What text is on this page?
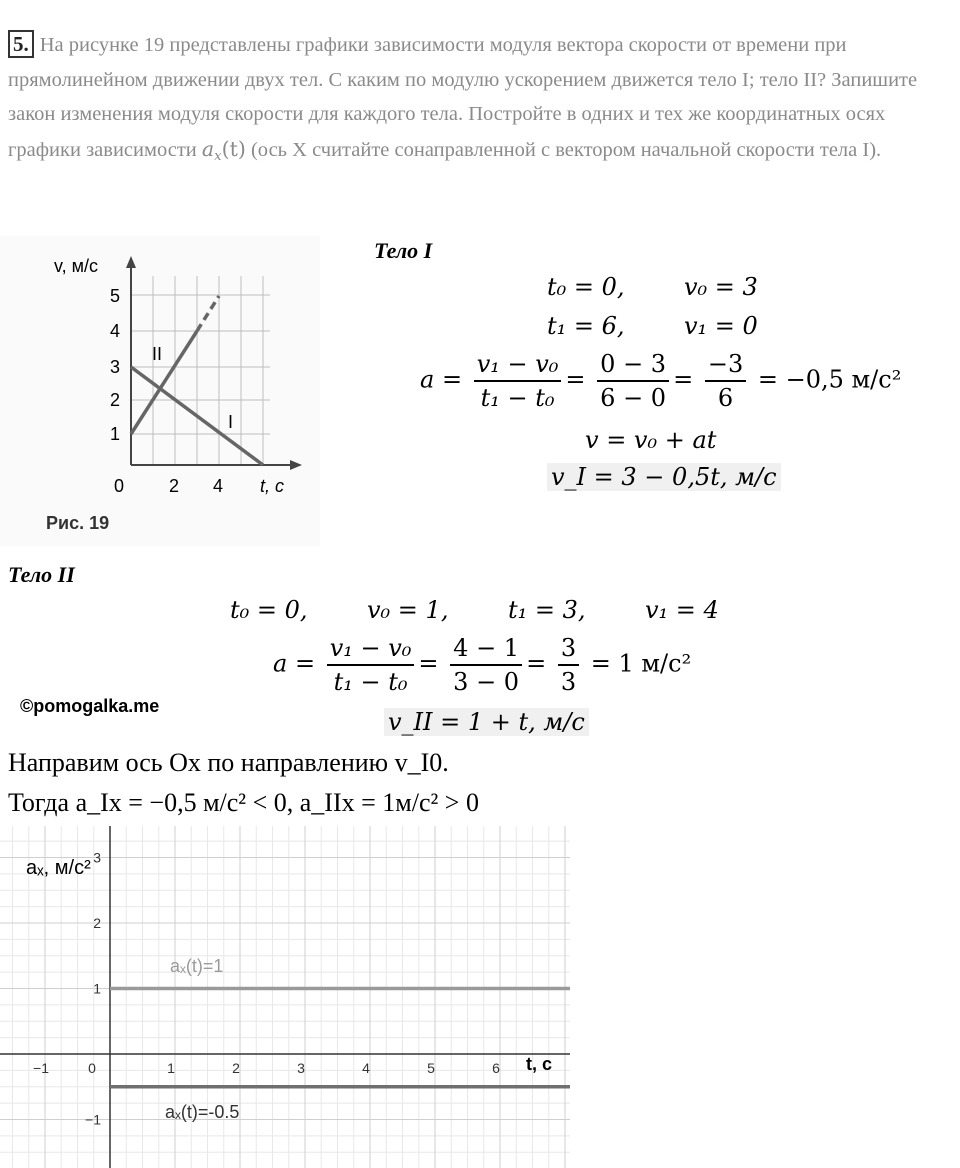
5. На рисунке 19 представлены графики зависимости модуля вектора скорости от времени при прямолинейном движении двух тел. С каким по модулю ускорением движется тело I; тело II? Запишите закон изменения модуля скорости для каждого тела. Постройте в одних и тех же координатных осях графики зависимости $a_x(t)$ (ось X считайте сонаправленной с вектором начальной скорости тела I).
v, м/с
5
4
3
2
1
0 2 4 t, с
II
I
Рис. 19
Тело I
t₀ = 0, v₀ = 3
t₁ = 6, v₁ = 0
$a = \frac{\text{v₁ − v₀}}{\text{t₁ − t₀}} = \frac{0 - 3}{6 - 0} = \frac{-3}{6} = -0,5$ м/с²
v = v₀ + at
v_I = 3 − 0,5t, м/с
Тело II
t₀ = 0, v₀ = 1, t₁ = 3, v₁ = 4
$a = \frac{\text{v₁ − v₀}}{\text{t₁ − t₀}} = \frac{4 - 1}{3 - 0} = \frac{3}{3} = 1$ м/с²
v_II = 1 + t, м/с
©pomogalka.me
Направим ось Ох по направлению v_I0.
Тогда a_Ix = −0,5 м/с² < 0, a_IIx = 1м/с² > 0
−1	0	1	2	3	4	5	6
3
2
1
−1
t, с
aₓ, м/с²
aₓ(t)=1
aₓ(t)=-0.5
